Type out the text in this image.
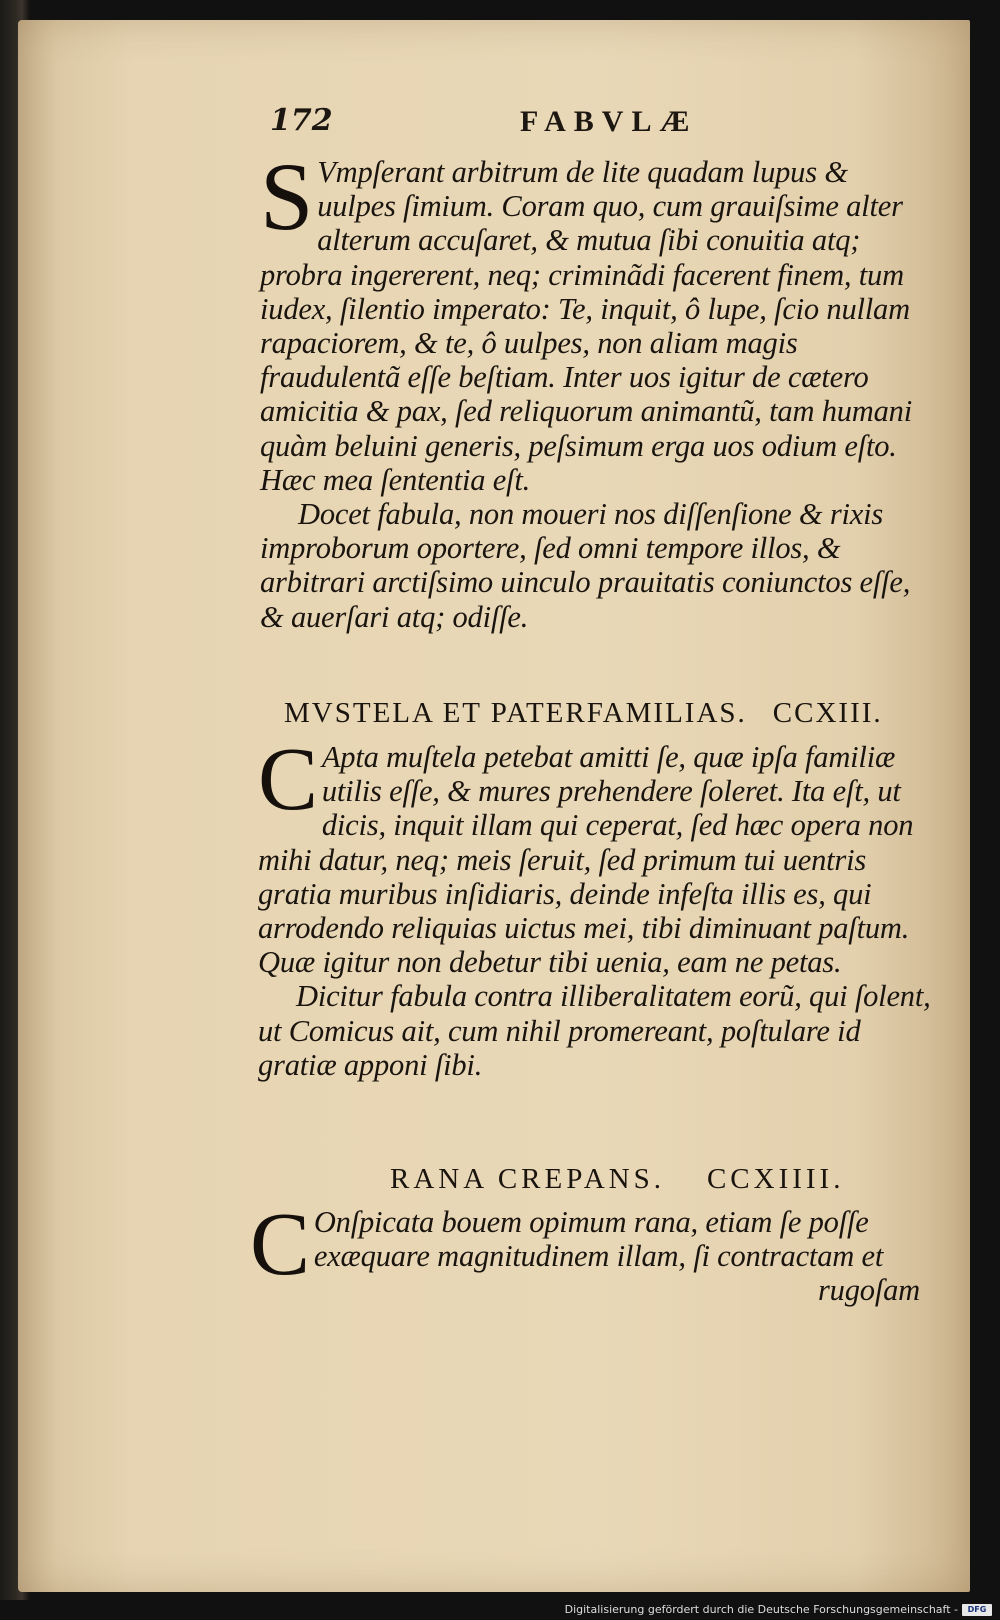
172	FABVLÆ

S Vmpſerant arbitrum de lite quadam lupus & uulpes ſimium. Coram quo, cum grauiſsime alter alterum accuſaret, & mutua ſibi conuitia atq; probra ingererent, neq; criminãdi facerent finem, tum iudex, ſilentio imperato: Te, inquit, ô lupe, ſcio nullam rapaciorem, & te, ô uulpes, non aliam magis fraudulentã eſſe beſtiam. Inter uos igitur de cætero amicitia & pax, ſed reliquorum animantũ, tam humani quàm beluini generis, peſsimum erga uos odium eſto. Hæc mea ſententia eſt.

Docet fabula, non moueri nos diſſenſione & rixis improborum oportere, ſed omni tempore illos, & arbitrari arctiſsimo uinculo prauitatis coniunctos eſſe, & auerſari atq; odiſſe.

MVSTELA ET PATERFAMILIAS. CCXIII.

C Apta muſtela petebat amitti ſe, quæ ipſa familiæ utilis eſſe, & mures prehendere ſoleret. Ita eſt, ut dicis, inquit illam qui ceperat, ſed hæc opera non mihi datur, neq; meis ſeruit, ſed primum tui uentris gratia muribus inſidiaris, deinde infeſta illis es, qui arrodendo reliquias uictus mei, tibi diminuant paſtum. Quæ igitur non debetur tibi uenia, eam ne petas.

Dicitur fabula contra illiberalitatem eorũ, qui ſolent, ut Comicus ait, cum nihil promereant, poſtulare id gratiæ apponi ſibi.

RANA CREPANS. CCXIIII.

C Onſpicata bouem opimum rana, etiam ſe poſſe exæquare magnitudinem illam, ſi contractam et

rugoſam

Digitalisierung gefördert durch die Deutsche Forschungsgemeinschaft -	DFG
